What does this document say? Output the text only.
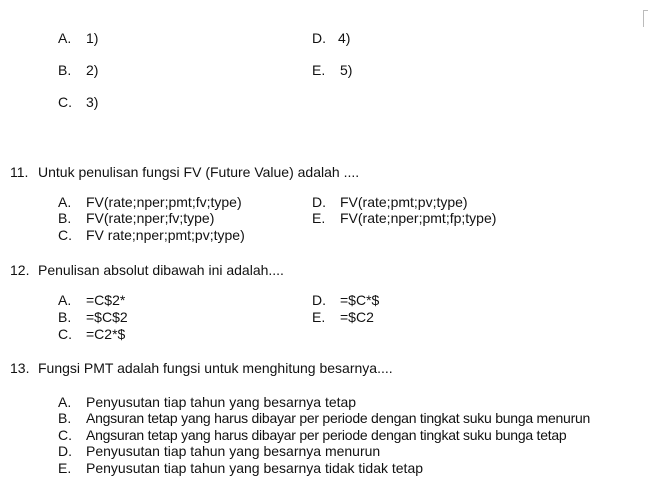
A.	1)
B.	2)
C.	3)
D. 4)
E.	5)
11. Untuk penulisan fungsi FV (Future Value) adalah ....
A.	FV(rate;nper;pmt;fv;type)
B.	FV(rate;nper;fv;type)
C.	FV rate;nper;pmt;pv;type)
D.	FV(rate;pmt;pv;type)
E.	FV(rate;nper;pmt;fp;type)
12. Penulisan absolut dibawah ini adalah....
A.	=C$2*
B.	=$C$2
C.	=C2*$
D.	=$C*$
E.	=$C2
13. Fungsi PMT adalah fungsi untuk menghitung besarnya....
A.	Penyusutan tiap tahun yang besarnya tetap
B.	Angsuran tetap yang harus dibayar per periode dengan tingkat suku bunga menurun
C.	Angsuran tetap yang harus dibayar per periode dengan tingkat suku bunga tetap
D.	Penyusutan tiap tahun yang besarnya menurun
E.	Penyusutan tiap tahun yang besarnya tidak tidak tetap
